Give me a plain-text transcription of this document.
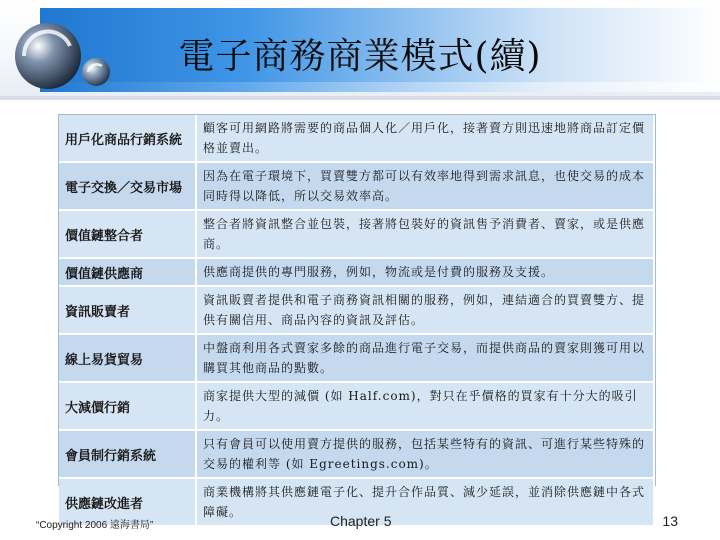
電子商務商業模式(續)
用戶化商品行銷系統	顧客可用網路將需要的商品個人化／用戶化，接著賣方則迅速地將商品訂定價格並賣出。
電子交換／交易市場	因為在電子環境下，買賣雙方都可以有效率地得到需求訊息，也使交易的成本同時得以降低，所以交易效率高。
價值鏈整合者	整合者將資訊整合並包裝，接著將包裝好的資訊售予消費者、賣家，或是供應商。
價值鏈供應商	供應商提供的專門服務，例如，物流或是付費的服務及支援。
資訊販賣者	資訊販賣者提供和電子商務資訊相關的服務，例如，連結適合的買賣雙方、提供有關信用、商品內容的資訊及評估。
線上易貨貿易	中盤商利用各式賣家多餘的商品進行電子交易，而提供商品的賣家則獲可用以購買其他商品的點數。
大減價行銷	商家提供大型的減價 (如 Half.com)，對只在乎價格的買家有十分大的吸引力。
會員制行銷系統	只有會員可以使用賣方提供的服務，包括某些特有的資訊、可進行某些特殊的交易的權利等 (如 Egreetings.com)。
供應鏈改進者	商業機構將其供應鏈電子化、提升合作品質、減少延誤，並消除供應鏈中各式障礙。
“Copyright 2006 遠海書局”	Chapter 5	13
